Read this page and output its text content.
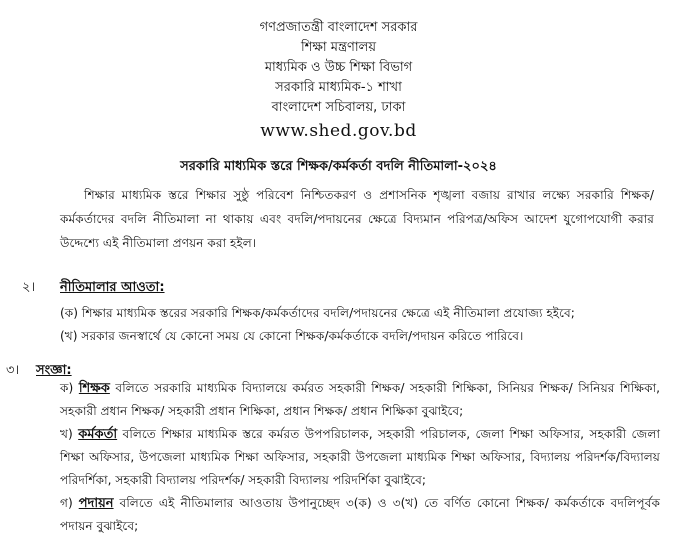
গণপ্রজাতন্ত্রী বাংলাদেশ সরকার
শিক্ষা মন্ত্রণালয়
মাধ্যমিক ও উচ্চ শিক্ষা বিভাগ
সরকারি মাধ্যমিক-১ শাখা
বাংলাদেশ সচিবালয়, ঢাকা
www.shed.gov.bd
সরকারি মাধ্যমিক স্তরে শিক্ষক/কর্মকর্তা বদলি নীতিমালা-২০২৪

শিক্ষার মাধ্যমিক স্তরে শিক্ষার সুষ্ঠু পরিবেশ নিশ্চিতকরণ ও প্রশাসনিক শৃঙ্খলা বজায় রাখার লক্ষ্যে সরকারি শিক্ষক/কর্মকর্তাদের বদলি নীতিমালা না থাকায় এবং বদলি/পদায়নের ক্ষেত্রে বিদ্যমান পরিপত্র/অফিস আদেশ যুগোপযোগী করার উদ্দেশ্যে এই নীতিমালা প্রণয়ন করা হইল।

২। নীতিমালার আওতা:

(ক) শিক্ষার মাধ্যমিক স্তরের সরকারি শিক্ষক/কর্মকর্তাদের বদলি/পদায়নের ক্ষেত্রে এই নীতিমালা প্রযোজ্য হইবে;

(খ) সরকার জনস্বার্থে যে কোনো সময় যে কোনো শিক্ষক/কর্মকর্তাকে বদলি/পদায়ন করিতে পারিবে।

৩। সংজ্ঞা:

ক) শিক্ষক বলিতে সরকারি মাধ্যমিক বিদ্যালয়ে কর্মরত সহকারী শিক্ষক/ সহকারী শিক্ষিকা, সিনিয়র শিক্ষক/ সিনিয়র শিক্ষিকা, সহকারী প্রধান শিক্ষক/ সহকারী প্রধান শিক্ষিকা, প্রধান শিক্ষক/ প্রধান শিক্ষিকা বুঝাইবে;

খ) কর্মকর্তা বলিতে শিক্ষার মাধ্যমিক স্তরে কর্মরত উপপরিচালক, সহকারী পরিচালক, জেলা শিক্ষা অফিসার, সহকারী জেলা শিক্ষা অফিসার, উপজেলা মাধ্যমিক শিক্ষা অফিসার, সহকারী উপজেলা মাধ্যমিক শিক্ষা অফিসার, বিদ্যালয় পরিদর্শক/বিদ্যালয় পরিদর্শিকা, সহকারী বিদ্যালয় পরিদর্শক/ সহকারী বিদ্যালয় পরিদর্শিকা বুঝাইবে;

গ) পদায়ন বলিতে এই নীতিমালার আওতায় উপানুচ্ছেদ ৩(ক) ও ৩(খ) তে বর্ণিত কোনো শিক্ষক/ কর্মকর্তাকে বদলিপূর্বক পদায়ন বুঝাইবে;
